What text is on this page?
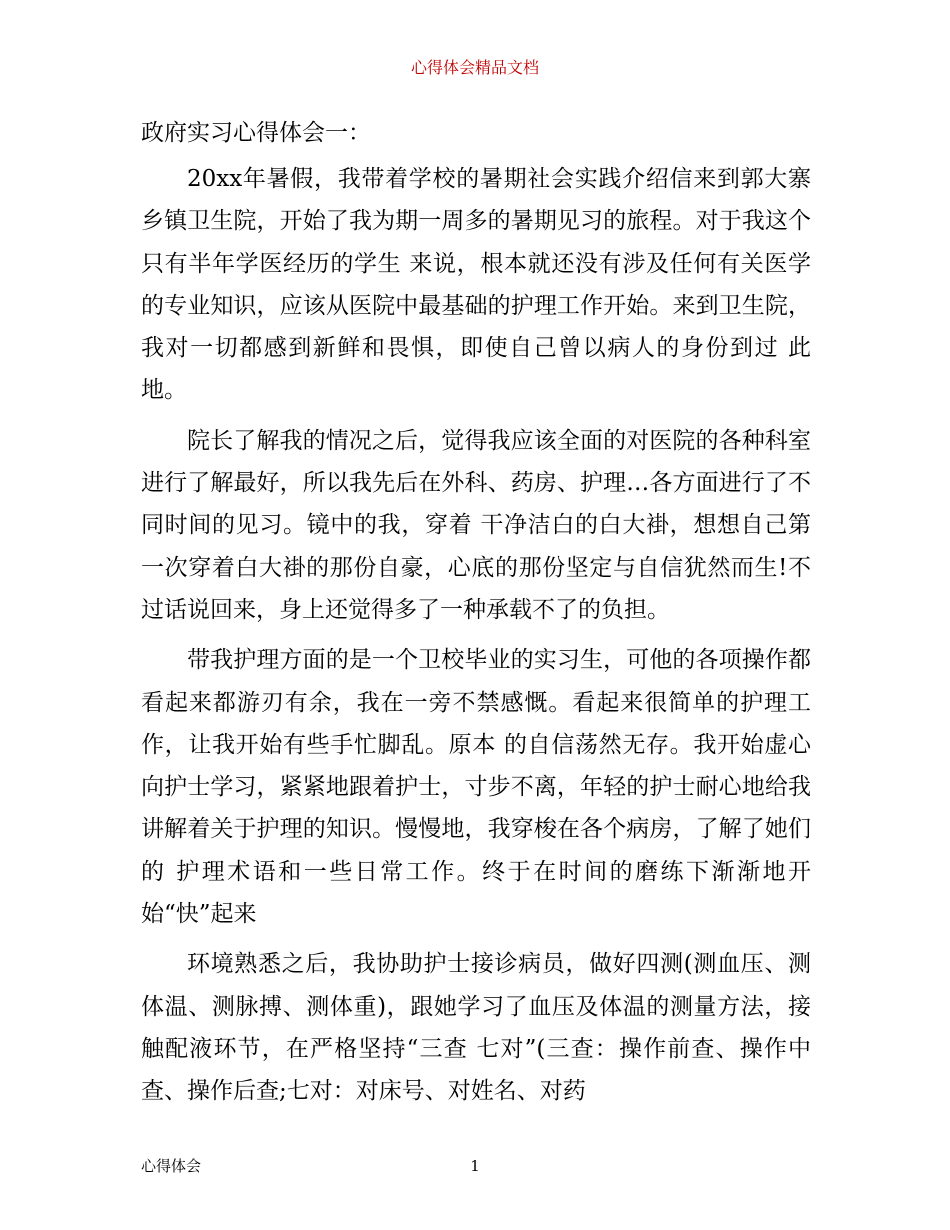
心得体会精品文档

政府实习心得体会一：

20xx年暑假，我带着学校的暑期社会实践介绍信来到郭大寨乡镇卫生院，开始了我为期一周多的暑期见习的旅程。对于我这个只有半年学医经历的学生 来说，根本就还没有涉及任何有关医学的专业知识，应该从医院中最基础的护理工作开始。来到卫生院，我对一切都感到新鲜和畏惧，即使自己曾以病人的身份到过 此地。

院长了解我的情况之后，觉得我应该全面的对医院的各种科室进行了解最好，所以我先后在外科、药房、护理…各方面进行了不同时间的见习。镜中的我，穿着 干净洁白的白大褂，想想自己第一次穿着白大褂的那份自豪，心底的那份坚定与自信犹然而生!不过话说回来，身上还觉得多了一种承载不了的负担。

带我护理方面的是一个卫校毕业的实习生，可他的各项操作都看起来都游刃有余，我在一旁不禁感慨。看起来很简单的护理工作，让我开始有些手忙脚乱。原本 的自信荡然无存。我开始虚心向护士学习，紧紧地跟着护士，寸步不离，年轻的护士耐心地给我讲解着关于护理的知识。慢慢地，我穿梭在各个病房，了解了她们的 护理术语和一些日常工作。终于在时间的磨练下渐渐地开始“快”起来

环境熟悉之后，我协助护士接诊病员，做好四测(测血压、测体温、测脉搏、测体重)，跟她学习了血压及体温的测量方法，接触配液环节，在严格坚持“三查 七对”(三查：操作前查、操作中查、操作后查;七对：对床号、对姓名、对药

心得体会	1
